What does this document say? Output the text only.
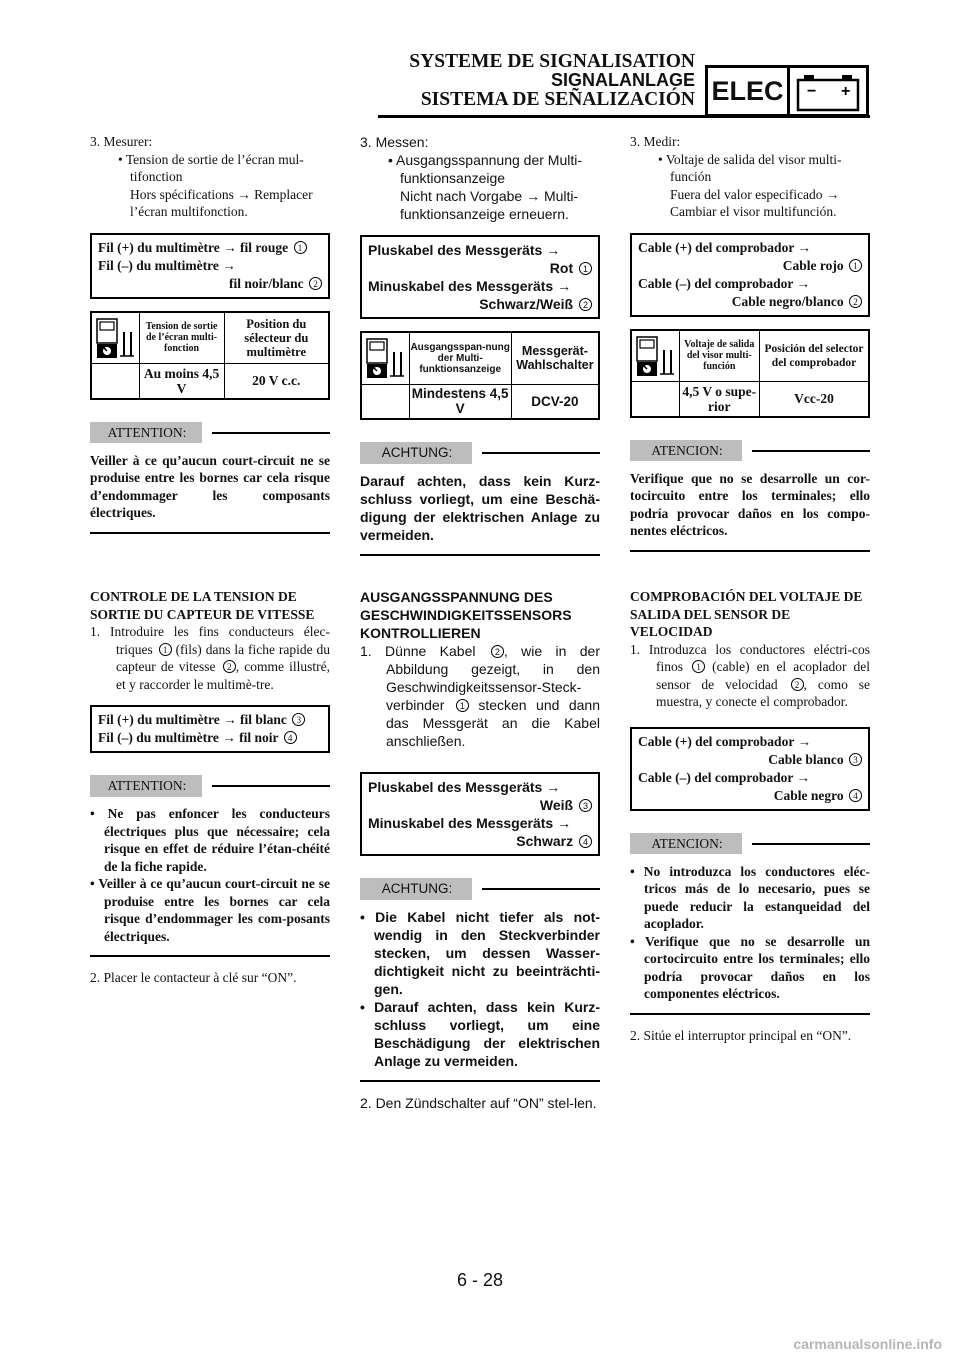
SYSTEME DE SIGNALISATION
SIGNALANLAGE
SISTEMA DE SEÑALIZACIÓN ELEC	− +
3. Mesurer:
• Tension de sortie de l’écran mul-tifonction
Hors spécifications → Remplacer l’écran multifonction.
Fil (+) du multimètre → fil rouge 1
Fil (–) du multimètre →
fil noir/blanc 2
	Tension de sortie de l’écran multi-fonction	Position du sélecteur du multimètre
	Au moins 4,5 V	20 V c.c.
ATTENTION:
Veiller à ce qu’aucun court-circuit ne se produise entre les bornes car cela risque d’endommager les composants électriques.
CONTROLE DE LA TENSION DE SORTIE DU CAPTEUR DE VITESSE
1. Introduire les fins conducteurs élec-triques 1 (fils) dans la fiche rapide du capteur de vitesse 2 , comme illustré, et y raccorder le multimè-tre.
Fil (+) du multimètre → fil blanc 3
Fil (–) du multimètre → fil noir 4
ATTENTION:
• Ne pas enfoncer les conducteurs électriques plus que nécessaire; cela risque en effet de réduire l’étan-chéité de la fiche rapide.
• Veiller à ce qu’aucun court-circuit ne se produise entre les bornes car cela risque d’endommager les com-posants électriques.
2. Placer le contacteur à clé sur “ON”.
3. Messen:
• Ausgangsspannung der Multi-funktionsanzeige
Nicht nach Vorgabe → Multi-funktionsanzeige erneuern.
Pluskabel des Messgeräts →
Rot 1
Minuskabel des Messgeräts →
Schwarz/Weiß 2
	Ausgangsspan-nung der Multi-funktionsanzeige	Messgerät-Wahlschalter
	Mindestens 4,5 V	DCV-20
ACHTUNG:
Darauf achten, dass kein Kurz-schluss vorliegt, um eine Beschä-digung der elektrischen Anlage zu vermeiden.
AUSGANGSSPANNUNG DES GESCHWINDIGKEITSSENSORS KONTROLLIEREN
1. Dünne Kabel 2 , wie in der Abbildung gezeigt, in den Geschwindigkeitssensor-Steck-verbinder 1 stecken und dann das Messgerät an die Kabel anschließen.
Pluskabel des Messgeräts →
Weiß 3
Minuskabel des Messgeräts →
Schwarz 4
ACHTUNG:
• Die Kabel nicht tiefer als not-wendig in den Steckverbinder stecken, um dessen Wasser-dichtigkeit nicht zu beeinträchti-gen.
• Darauf achten, dass kein Kurz-schluss vorliegt, um eine Beschädigung der elektrischen Anlage zu vermeiden.
2. Den Zündschalter auf “ON” stel-len.
3. Medir:
• Voltaje de salida del visor multi-función
Fuera del valor especificado → Cambiar el visor multifunción.
Cable (+) del comprobador →
Cable rojo 1
Cable (–) del comprobador →
Cable negro/blanco 2
	Voltaje de salida del visor multi-función	Posición del selector del comprobador
	4,5 V o supe-rior	Vcc-20
ATENCION:
Verifique que no se desarrolle un cor-tocircuito entre los terminales; ello podría provocar daños en los compo-nentes eléctricos.
COMPROBACIÓN DEL VOLTAJE DE SALIDA DEL SENSOR DE VELOCIDAD
1. Introduzca los conductores eléctri-cos finos 1 (cable) en el acoplador del sensor de velocidad 2 , como se muestra, y conecte el comprobador.
Cable (+) del comprobador →
Cable blanco 3
Cable (–) del comprobador →
Cable negro 4
ATENCION:
• No introduzca los conductores eléc-tricos más de lo necesario, pues se puede reducir la estanqueidad del acoplador.
• Verifique que no se desarrolle un cortocircuito entre los terminales; ello podría provocar daños en los componentes eléctricos.
2. Sitúe el interruptor principal en “ON”.
6 - 28
carmanualsonline.info
